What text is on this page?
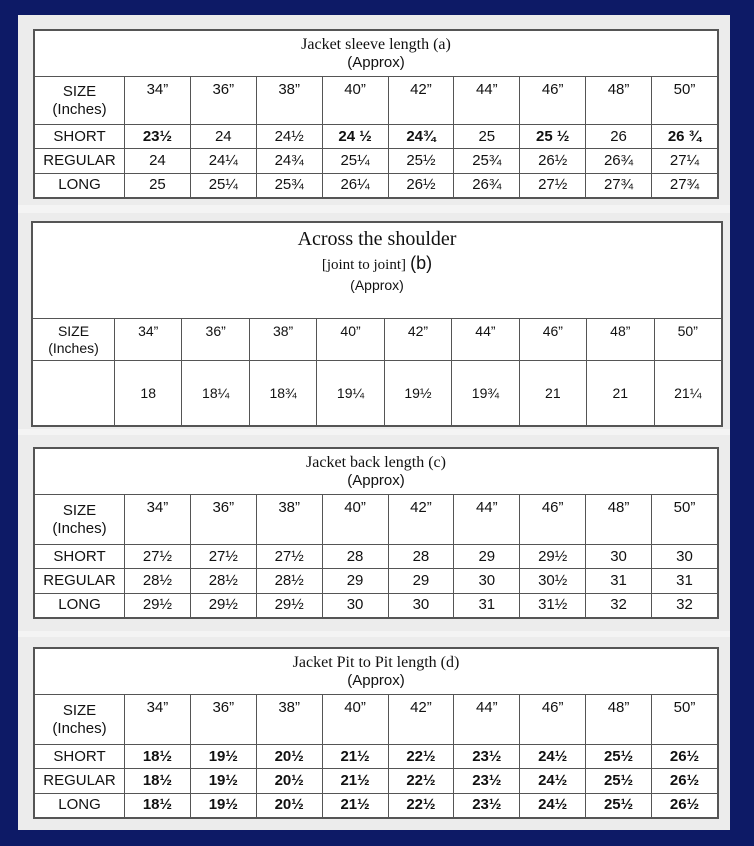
Jacket sleeve length (a)
(Approx)									

SIZE
(Inches)	34”	36”	38”	40”	42”	44”	46”	48”	50”
SHORT	23½	24	24½	24 ½	24¾	25	25 ½	26	26 ¾
REGULAR	24	24¼	24¾	25¼	25½	25¾	26½	26¾	27¼
LONG	25	25¼	25¾	26¼	26½	26¾	27½	27¾	27¾
Across the shoulder
[joint to joint] (b)
(Approx)									

SIZE
(Inches)	34”	36”	38”	40”	42”	44”	46”	48”	50”
	18	18¼	18¾	19¼	19½	19¾	21	21	21¼
Jacket back length (c)
(Approx)									

SIZE
(Inches)	34”	36”	38”	40”	42”	44”	46”	48”	50”
SHORT	27½	27½	27½	28	28	29	29½	30	30
REGULAR	28½	28½	28½	29	29	30	30½	31	31
LONG	29½	29½	29½	30	30	31	31½	32	32
Jacket Pit to Pit length (d)
(Approx)									

SIZE
(Inches)	34”	36”	38”	40”	42”	44”	46”	48”	50”
SHORT	18½	19½	20½	21½	22½	23½	24½	25½	26½
REGULAR	18½	19½	20½	21½	22½	23½	24½	25½	26½
LONG	18½	19½	20½	21½	22½	23½	24½	25½	26½
